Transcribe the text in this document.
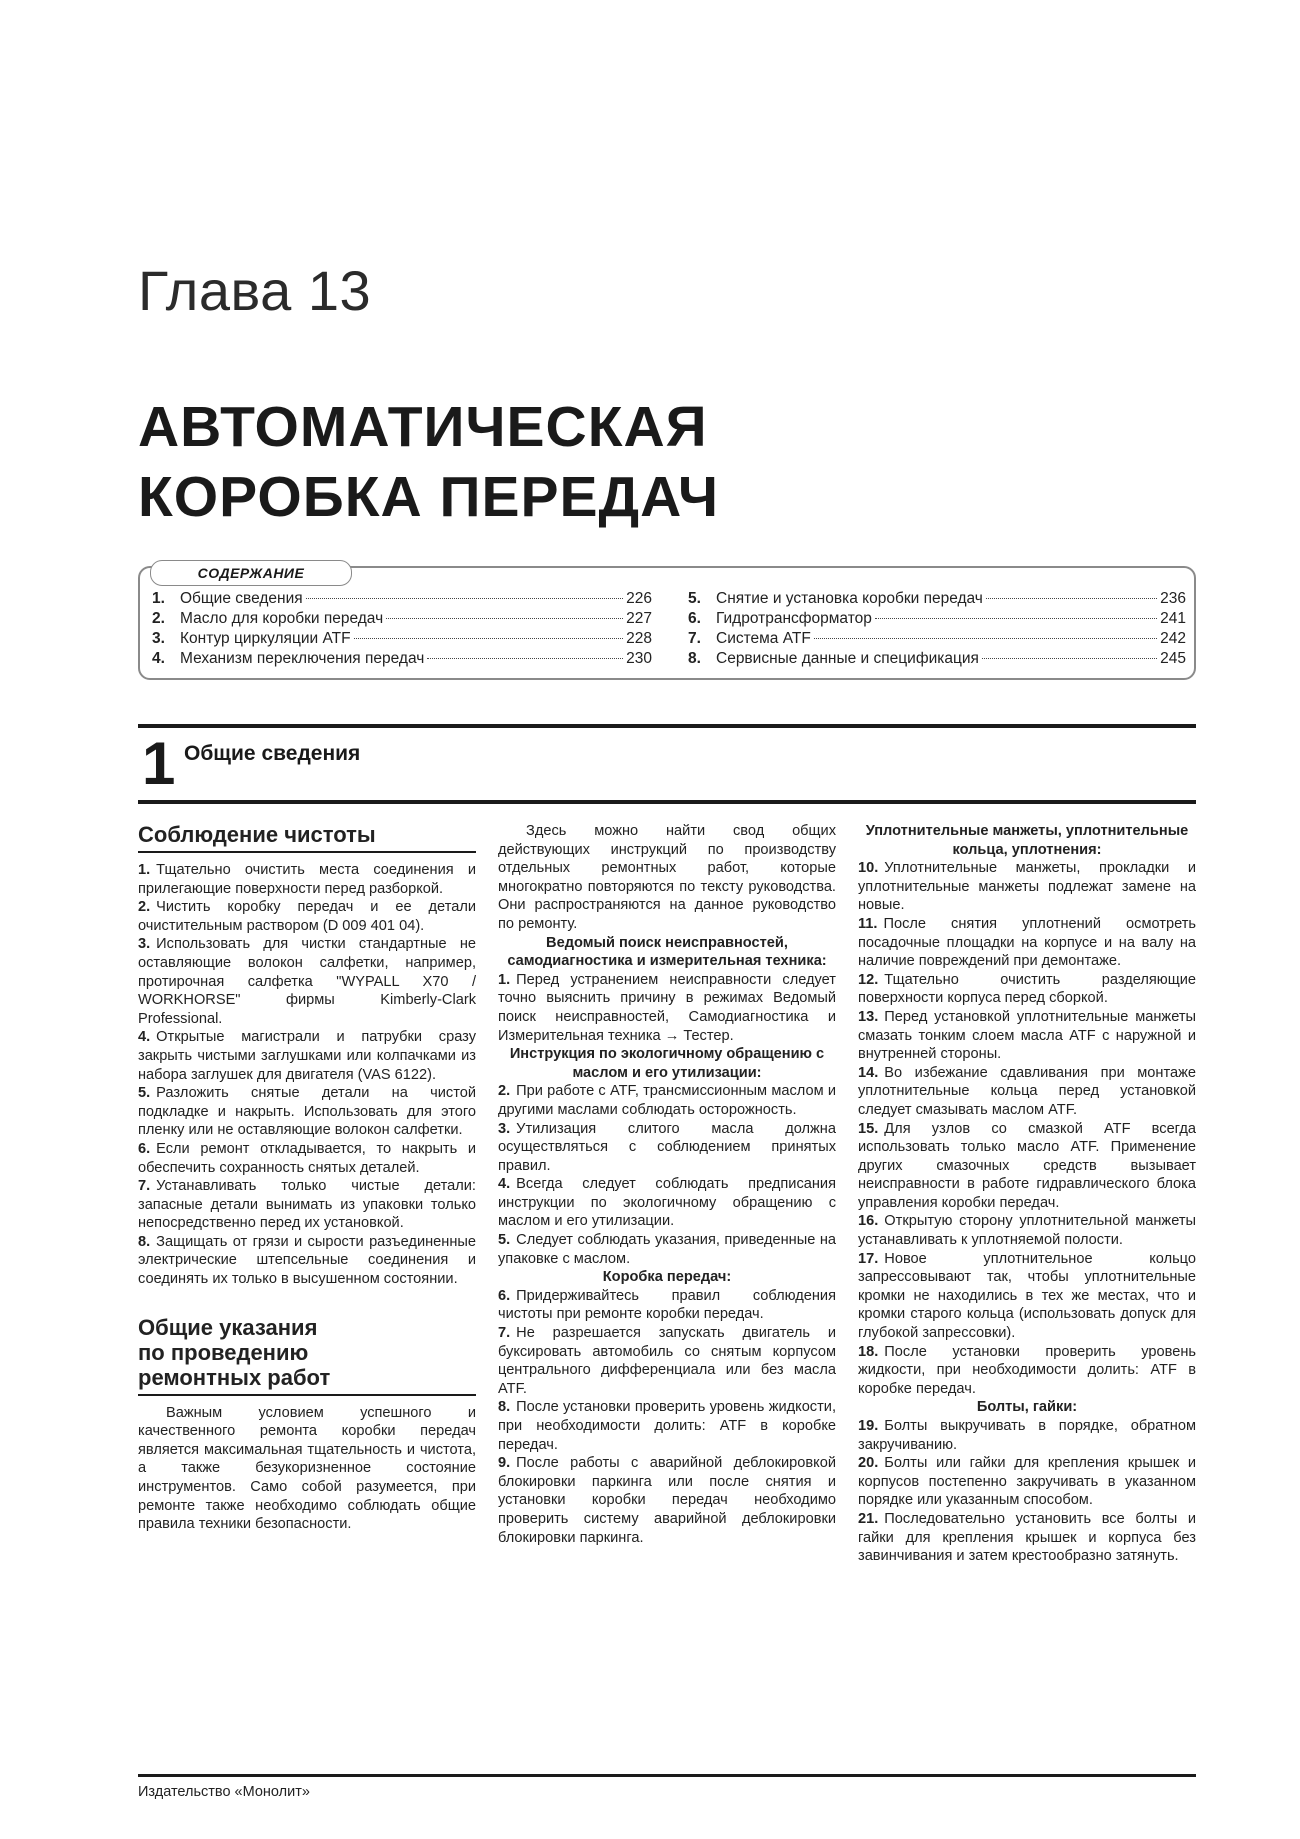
Глава 13
АВТОМАТИЧЕСКАЯ
КОРОБКА ПЕРЕДАЧ
СОДЕРЖАНИЕ
1. Общие сведения	226
2. Масло для коробки передач	227
3. Контур циркуляции ATF	228
4. Механизм переключения передач	230
5. Снятие и установка коробки передач	236
6. Гидротрансформатор	241
7. Система ATF	242
8. Сервисные данные и спецификация	245
1 Общие сведения
Соблюдение чистоты

1. Тщательно очистить места соединения и прилегающие поверхности перед разборкой.

2. Чистить коробку передач и ее детали очистительным раствором (D 009 401 04).

3. Использовать для чистки стандартные не оставляющие волокон салфетки, например, протирочная салфетка "WYPALL X70 / WORKHORSE" фирмы Kimberly-Clark Professional.

4. Открытые магистрали и патрубки сразу закрыть чистыми заглушками или колпачками из набора заглушек для двигателя (VAS 6122).

5. Разложить снятые детали на чистой подкладке и накрыть. Использовать для этого пленку или не оставляющие волокон салфетки.

6. Если ремонт откладывается, то накрыть и обеспечить сохранность снятых деталей.

7. Устанавливать только чистые детали: запасные детали вынимать из упаковки только непосредственно перед их установкой.

8. Защищать от грязи и сырости разъединенные электрические штепсельные соединения и соединять их только в высушенном состоянии.

Общие указания
по проведению
ремонтных работ

Важным условием успешного и качественного ремонта коробки передач является максимальная тщательность и чистота, а также безукоризненное состояние инструментов. Само собой разумеется, при ремонте также необходимо соблюдать общие правила техники безопасности.

Здесь можно найти свод общих действующих инструкций по производству отдельных ремонтных работ, которые многократно повторяются по тексту руководства. Они распространяются на данное руководство по ремонту.

Ведомый поиск неисправностей, самодиагностика и измерительная техника:

1. Перед устранением неисправности следует точно выяснить причину в режимах Ведомый поиск неисправностей, Самодиагностика и Измерительная техника → Тестер.

Инструкция по экологичному обращению с маслом и его утилизации:

2. При работе с ATF, трансмиссионным маслом и другими маслами соблюдать осторожность.

3. Утилизация слитого масла должна осуществляться с соблюдением принятых правил.

4. Всегда следует соблюдать предписания инструкции по экологичному обращению с маслом и его утилизации.

5. Следует соблюдать указания, приведенные на упаковке с маслом.

Коробка передач:

6. Придерживайтесь правил соблюдения чистоты при ремонте коробки передач.

7. Не разрешается запускать двигатель и буксировать автомобиль со снятым корпусом центрального дифференциала или без масла ATF.

8. После установки проверить уровень жидкости, при необходимости долить: ATF в коробке передач.

9. После работы с аварийной деблокировкой блокировки паркинга или после снятия и установки коробки передач необходимо проверить систему аварийной деблокировки блокировки паркинга.

Уплотнительные манжеты, уплотнительные кольца, уплотнения:

10. Уплотнительные манжеты, прокладки и уплотнительные манжеты подлежат замене на новые.

11. После снятия уплотнений осмотреть посадочные площадки на корпусе и на валу на наличие повреждений при демонтаже.

12. Тщательно очистить разделяющие поверхности корпуса перед сборкой.

13. Перед установкой уплотнительные манжеты смазать тонким слоем масла ATF с наружной и внутренней стороны.

14. Во избежание сдавливания при монтаже уплотнительные кольца перед установкой следует смазывать маслом ATF.

15. Для узлов со смазкой ATF всегда использовать только масло ATF. Применение других смазочных средств вызывает неисправности в работе гидравлического блока управления коробки передач.

16. Открытую сторону уплотнительной манжеты устанавливать к уплотняемой полости.

17. Новое уплотнительное кольцо запрессовывают так, чтобы уплотнительные кромки не находились в тех же местах, что и кромки старого кольца (использовать допуск для глубокой запрессовки).

18. После установки проверить уровень жидкости, при необходимости долить: ATF в коробке передач.

Болты, гайки:

19. Болты выкручивать в порядке, обратном закручиванию.

20. Болты или гайки для крепления крышек и корпусов постепенно закручивать в указанном порядке или указанным способом.

21. Последовательно установить все болты и гайки для крепления крышек и корпуса без завинчивания и затем крестообразно затянуть.

Издательство «Монолит»
